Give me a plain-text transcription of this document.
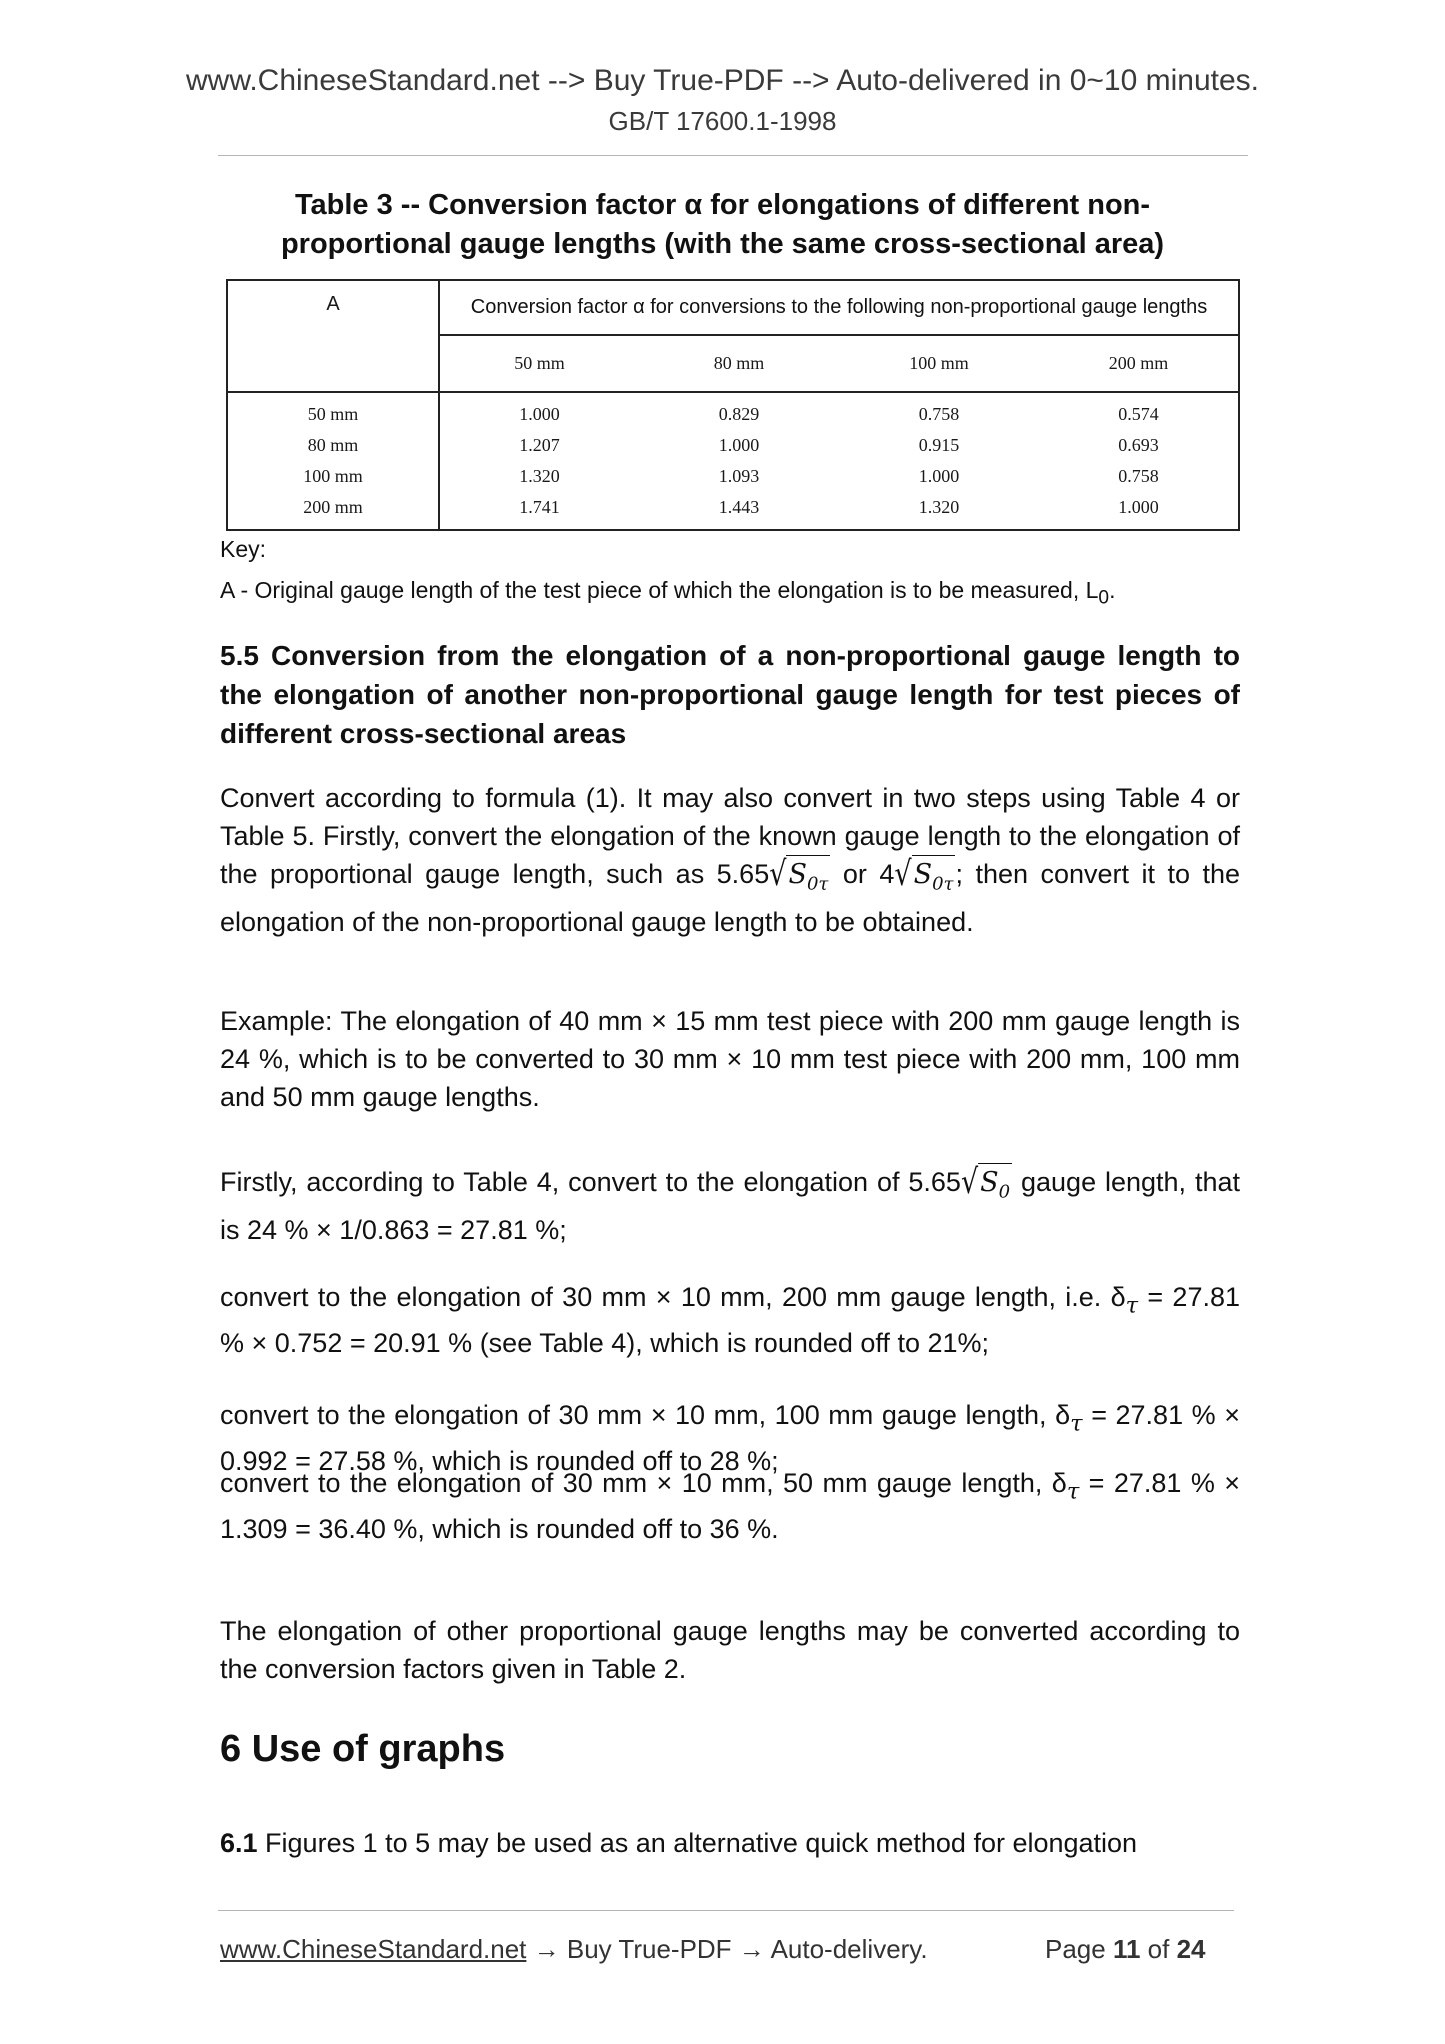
www.ChineseStandard.net --> Buy True-PDF --> Auto-delivered in 0~10 minutes.
GB/T 17600.1-1998
Table 3 -- Conversion factor α for elongations of different non-proportional gauge lengths (with the same cross-sectional area)
A	Conversion factor α for conversions to the following non-proportional gauge lengths			
	50 mm	80 mm	100 mm	200 mm
50 mm	1.000	0.829	0.758	0.574
80 mm	1.207	1.000	0.915	0.693
100 mm	1.320	1.093	1.000	0.758
200 mm	1.741	1.443	1.320	1.000
Key:
A - Original gauge length of the test piece of which the elongation is to be measured, $L_0$.
5.5 Conversion from the elongation of a non-proportional gauge length to the elongation of another non-proportional gauge length for test pieces of different cross-sectional areas
Convert according to formula (1). It may also convert in two steps using Table 4 or Table 5. Firstly, convert the elongation of the known gauge length to the elongation of the proportional gauge length, such as $5.65√S_{0\tau}$ or $4√S_{0\tau}$; then convert it to the elongation of the non-proportional gauge length to be obtained.
Example: The elongation of 40 mm × 15 mm test piece with 200 mm gauge length is 24 %, which is to be converted to 30 mm × 10 mm test piece with 200 mm, 100 mm and 50 mm gauge lengths.
Firstly, according to Table 4, convert to the elongation of $5.65√S_0$ gauge length, that is 24 % × 1/0.863 = 27.81 %;
convert to the elongation of 30 mm × 10 mm, 200 mm gauge length, i.e. $\delta_\tau = 27.81$ % × 0.752 = 20.91 % (see Table 4), which is rounded off to 21%;
convert to the elongation of 30 mm × 10 mm, 100 mm gauge length, $\delta_\tau = 27.81$ % × 0.992 = 27.58 %, which is rounded off to 28 %;
convert to the elongation of 30 mm × 10 mm, 50 mm gauge length, $\delta_\tau = 27.81$ % × 1.309 = 36.40 %, which is rounded off to 36 %.
The elongation of other proportional gauge lengths may be converted according to the conversion factors given in Table 2.
6 Use of graphs
6.1 Figures 1 to 5 may be used as an alternative quick method for elongation
www.ChineseStandard.net → Buy True-PDF → Auto-delivery.	Page 11 of 24
